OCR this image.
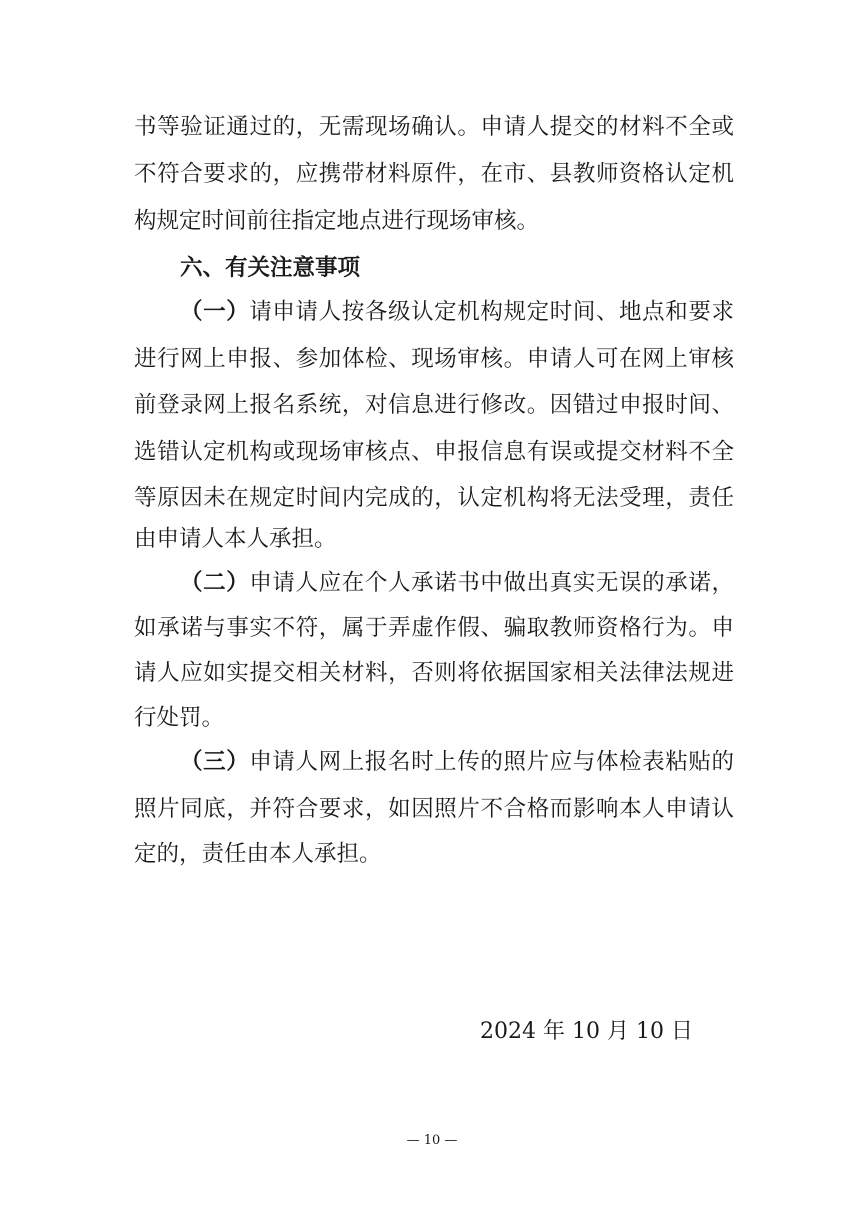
书等验证通过的，无需现场确认。申请人提交的材料不全或
不符合要求的，应携带材料原件，在市、县教师资格认定机
构规定时间前往指定地点进行现场审核。
六、有关注意事项
（一）请申请人按各级认定机构规定时间、地点和要求
进行网上申报、参加体检、现场审核。申请人可在网上审核
前登录网上报名系统，对信息进行修改。因错过申报时间、
选错认定机构或现场审核点、申报信息有误或提交材料不全
等原因未在规定时间内完成的，认定机构将无法受理，责任
由申请人本人承担。
（二）申请人应在个人承诺书中做出真实无误的承诺，
如承诺与事实不符，属于弄虚作假、骗取教师资格行为。申
请人应如实提交相关材料，否则将依据国家相关法律法规进
行处罚。
（三）申请人网上报名时上传的照片应与体检表粘贴的
照片同底，并符合要求，如因照片不合格而影响本人申请认
定的，责任由本人承担。
2024 年 10 月 10 日
— 10 —
